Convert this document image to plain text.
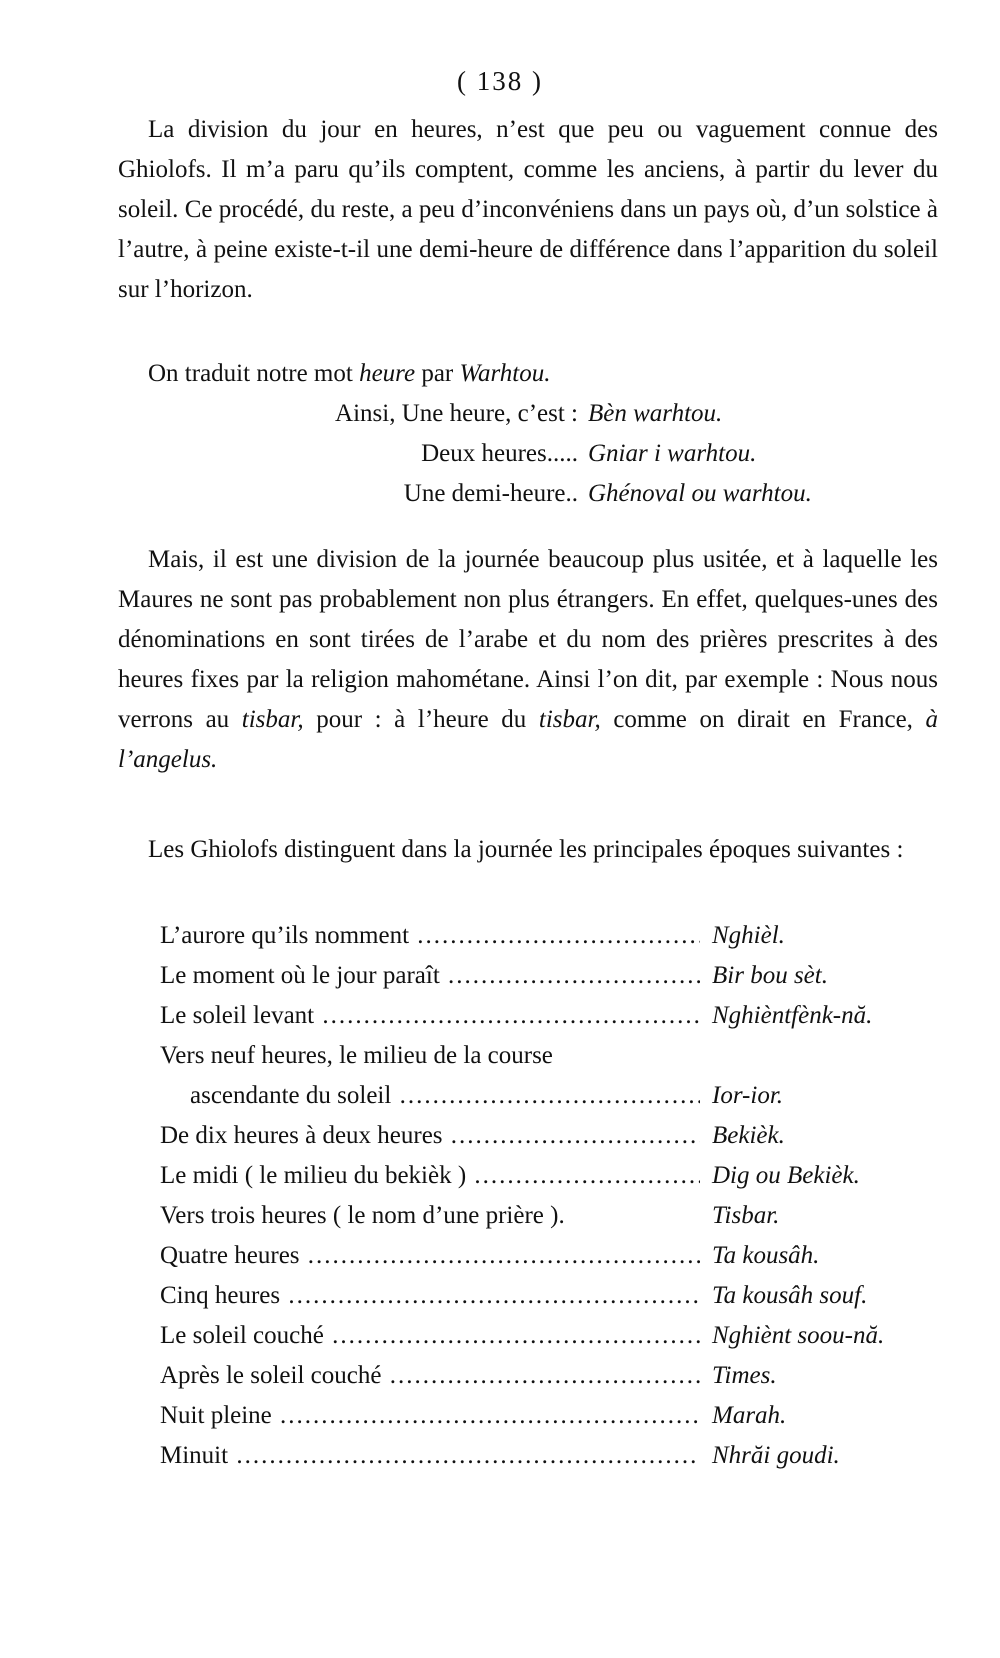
( 138 )

La division du jour en heures, n’est que peu ou vaguement connue des Ghiolofs. Il m’a paru qu’ils comptent, comme les anciens, à partir du lever du soleil. Ce procédé, du reste, a peu d’inconvéniens dans un pays où, d’un solstice à l’autre, à peine existe-t-il une demi-heure de différence dans l’apparition du soleil sur l’horizon.

On traduit notre mot heure par Warhtou.
Ainsi, Une heure, c’est : Bèn warhtou.
Deux heures..... Gniar i warhtou.
Une demi-heure.. Ghénoval ou warhtou.

Mais, il est une division de la journée beaucoup plus usitée, et à laquelle les Maures ne sont pas probablement non plus étrangers. En effet, quelques-unes des dénominations en sont tirées de l’arabe et du nom des prières prescrites à des heures fixes par la religion mahométane. Ainsi l’on dit, par exemple : Nous nous verrons au tisbar, pour : à l’heure du tisbar, comme on dirait en France, à l’angelus.

Les Ghiolofs distinguent dans la journée les principales époques suivantes :

L’aurore qu’ils nomment .....	Nghièl.
Le moment où le jour paraît .....	Bir bou sèt.
Le soleil levant .....	Nghièntfènk-nă.
Vers neuf heures, le milieu de la course
ascendante du soleil .....	Ior-ior.
De dix heures à deux heures .....	Bekièk.
Le midi ( le milieu du bekièk ) .....	Dig ou Bekièk.
Vers trois heures ( le nom d’une prière ).	Tisbar.
Quatre heures .....	Ta kousâh.
Cinq heures .....	Ta kousâh souf.
Le soleil couché .....	Nghiènt soou-nă.
Après le soleil couché .....	Times.
Nuit pleine .....	Marah.
Minuit .....	Nhrăi goudi.
